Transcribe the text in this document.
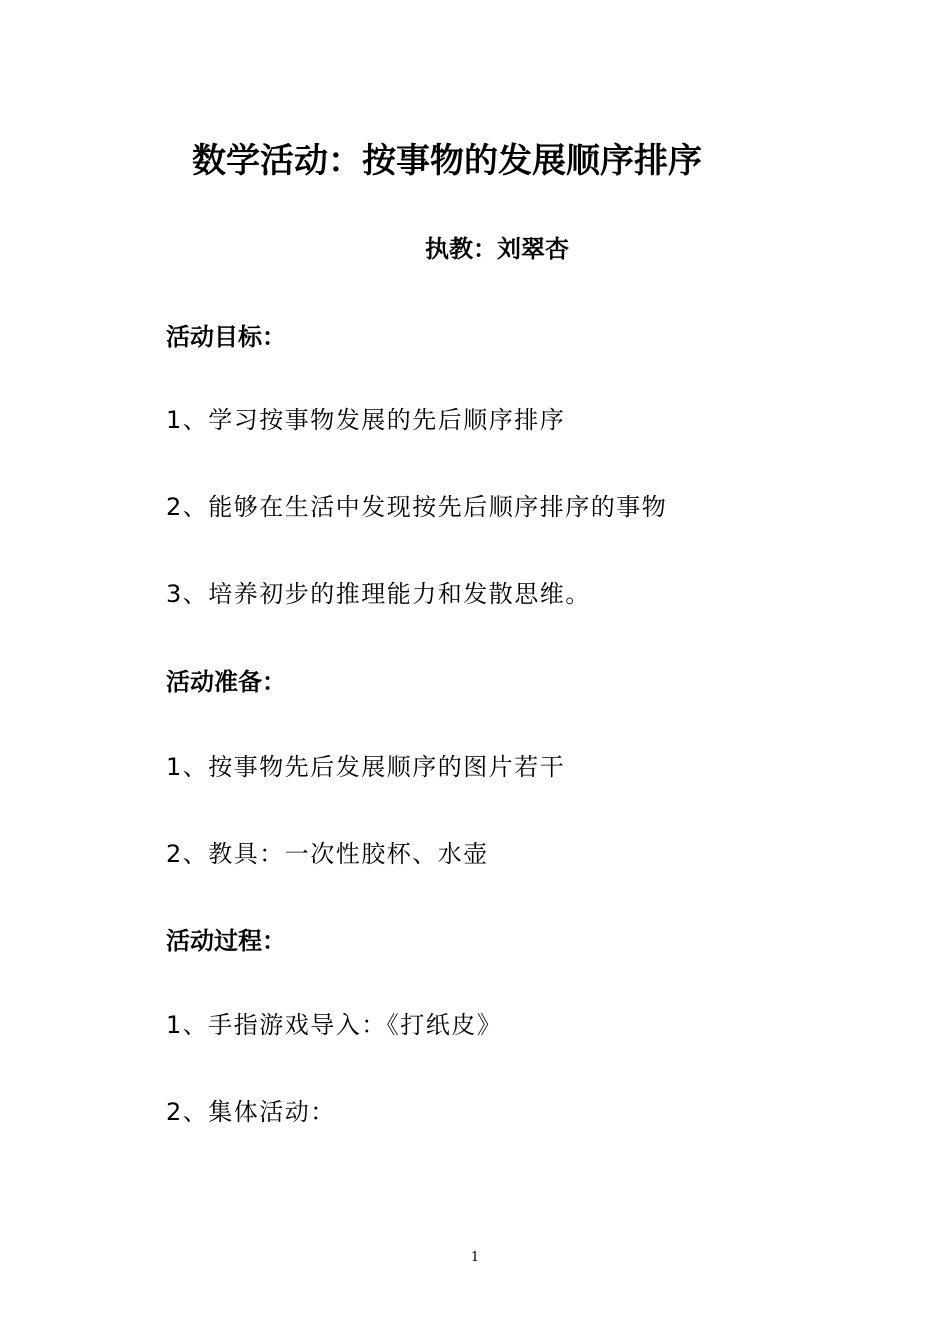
数学活动：按事物的发展顺序排序
执教：刘翠杏
活动目标：
1、学习按事物发展的先后顺序排序
2、能够在生活中发现按先后顺序排序的事物
3、培养初步的推理能力和发散思维。
活动准备：
1、按事物先后发展顺序的图片若干
2、教具：一次性胶杯、水壶
活动过程：
1、手指游戏导入：《打纸皮》
2、集体活动：
1
